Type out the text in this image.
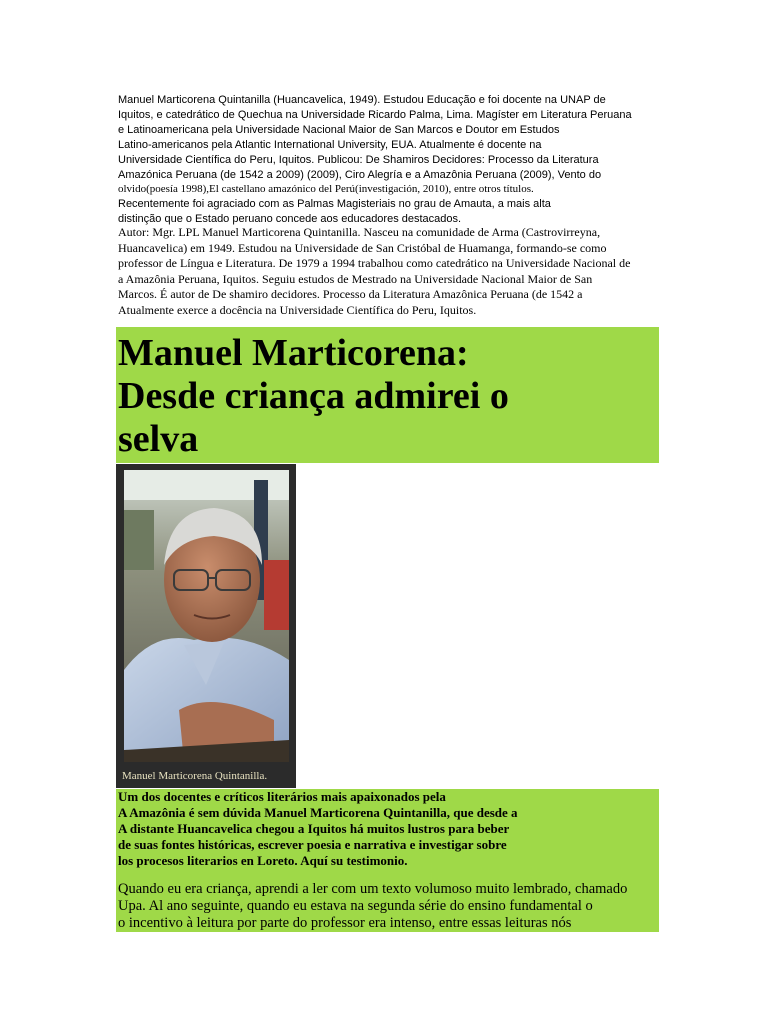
Manuel Marticorena Quintanilla (Huancavelica, 1949). Estudou Educação e foi docente na UNAP de
Iquitos, e catedrático de Quechua na Universidade Ricardo Palma, Lima. Magíster em Literatura Peruana
e Latinoamericana pela Universidade Nacional Maior de San Marcos e Doutor em Estudos
Latino-americanos pela Atlantic International University, EUA. Atualmente é docente na
Universidade Científica do Peru, Iquitos. Publicou: De Shamiros Decidores: Processo da Literatura
Amazónica Peruana (de 1542 a 2009) (2009), Ciro Alegría e a Amazônia Peruana (2009), Vento do
olvido(poesía 1998),El castellano amazónico del Perú(investigación, 2010), entre otros títulos.
Recentemente foi agraciado com as Palmas Magisteriais no grau de Amauta, a mais alta
distinção que o Estado peruano concede aos educadores destacados.
Autor: Mgr. LPL Manuel Marticorena Quintanilla. Nasceu na comunidade de Arma (Castrovirreyna,
Huancavelica) em 1949. Estudou na Universidade de San Cristóbal de Huamanga, formando-se como
professor de Língua e Literatura. De 1979 a 1994 trabalhou como catedrático na Universidade Nacional de
a Amazônia Peruana, Iquitos. Seguiu estudos de Mestrado na Universidade Nacional Maior de San
Marcos. É autor de De shamiro decidores. Processo da Literatura Amazônica Peruana (de 1542 a
Atualmente exerce a docência na Universidade Científica do Peru, Iquitos.
Manuel Marticorena:
Desde criança admirei o
selva
Manuel Marticorena Quintanilla.
Um dos docentes e críticos literários mais apaixonados pela
A Amazônia é sem dúvida Manuel Marticorena Quintanilla, que desde a
A distante Huancavelica chegou a Iquitos há muitos lustros para beber
de suas fontes históricas, escrever poesia e narrativa e investigar sobre
los procesos literarios en Loreto. Aquí su testimonio.
Quando eu era criança, aprendi a ler com um texto volumoso muito lembrado, chamado
Upa. Al ano seguinte, quando eu estava na segunda série do ensino fundamental o
o incentivo à leitura por parte do professor era intenso, entre essas leituras nós
